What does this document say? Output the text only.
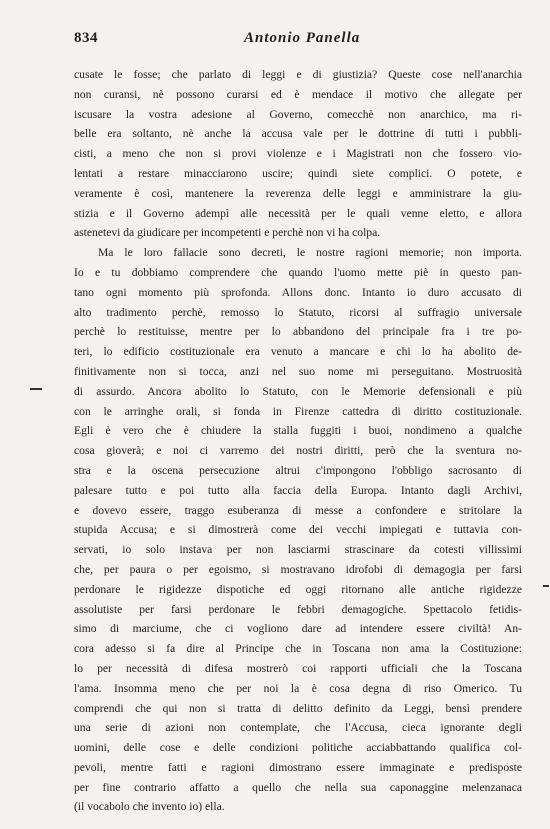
834	Antonio Panella
cusate le fosse; che parlato di leggi e di giustizia? Queste cose nell'anarchia
non curansi, nè possono curarsi ed è mendace il motivo che allegate per
iscusare la vostra adesione al Governo, comecchè non anarchico, ma ri-
belle era soltanto, nè anche la accusa vale per le dottrine di tutti i pubbli-
cisti, a meno che non si provi violenze e i Magistrati non che fossero vio-
lentati a restare minacciarono uscire; quindi siete complici. O potete, e
veramente è così, mantenere la reverenza delle leggi e amministrare la giu-
stizia e il Governo adempì alle necessità per le quali venne eletto, e allora
astenetevi da giudicare per incompetenti e perchè non vi ha colpa.
Ma le loro fallacie sono decreti, le nostre ragioni memorie; non importa.
Io e tu dobbiamo comprendere che quando l'uomo mette piè in questo pan-
tano ogni momento più sprofonda. Allons donc. Intanto io duro accusato di
alto tradimento perchè, remosso lo Statuto, ricorsi al suffragio universale
perchè lo restituisse, mentre per lo abbandono del principale fra i tre po-
teri, lo edificio costituzionale era venuto a mancare e chi lo ha abolito de-
finitivamente non si tocca, anzi nel suo nome mi perseguitano. Mostruosità
di assurdo. Ancora abolito lo Statuto, con le Memorie defensionali e più
con le arringhe orali, si fonda in Firenze cattedra di diritto costituzionale.
Egli è vero che è chiudere la stalla fuggiti i buoi, nondimeno a qualche
cosa gioverà; e noi ci varremo dei nostri diritti, però che la sventura no-
stra e la oscena persecuzione altrui c'impongono l'obbligo sacrosanto di
palesare tutto e poi tutto alla faccia della Europa. Intanto dagli Archivi,
e dovevo essere, traggo esuberanza di messe a confondere e stritolare la
stupida Accusa; e si dimostrerà come dei vecchi impiegati e tuttavia con-
servati, io solo instava per non lasciarmi strascinare da cotesti villissimi
che, per paura o per egoismo, si mostravano idrofobi di demagogia per farsi
perdonare le rigidezze dispotiche ed oggi ritornano alle antiche rigidezze
assolutiste per farsi perdonare le febbri demagogiche. Spettacolo fetidis-
simo di marciume, che ci vogliono dare ad intendere essere civiltà! An-
cora adesso si fa dire al Principe che in Toscana non ama la Costituzione:
lo per necessità di difesa mostrerò coi rapporti ufficiali che la Toscana
l'ama. Insomma meno che per noi la è cosa degna di riso Omerico. Tu
comprendi che qui non si tratta di delitto definito da Leggi, bensì prendere
una serie di azioni non contemplate, che l'Accusa, cieca ignorante degli
uomini, delle cose e delle condizioni politiche acciabbattando qualifica col-
pevoli, mentre fatti e ragioni dimostrano essere immaginate e predisposte
per fine contrario affatto a quello che nella sua caponaggine melenzanaca
(il vocabolo che invento io) ella.
